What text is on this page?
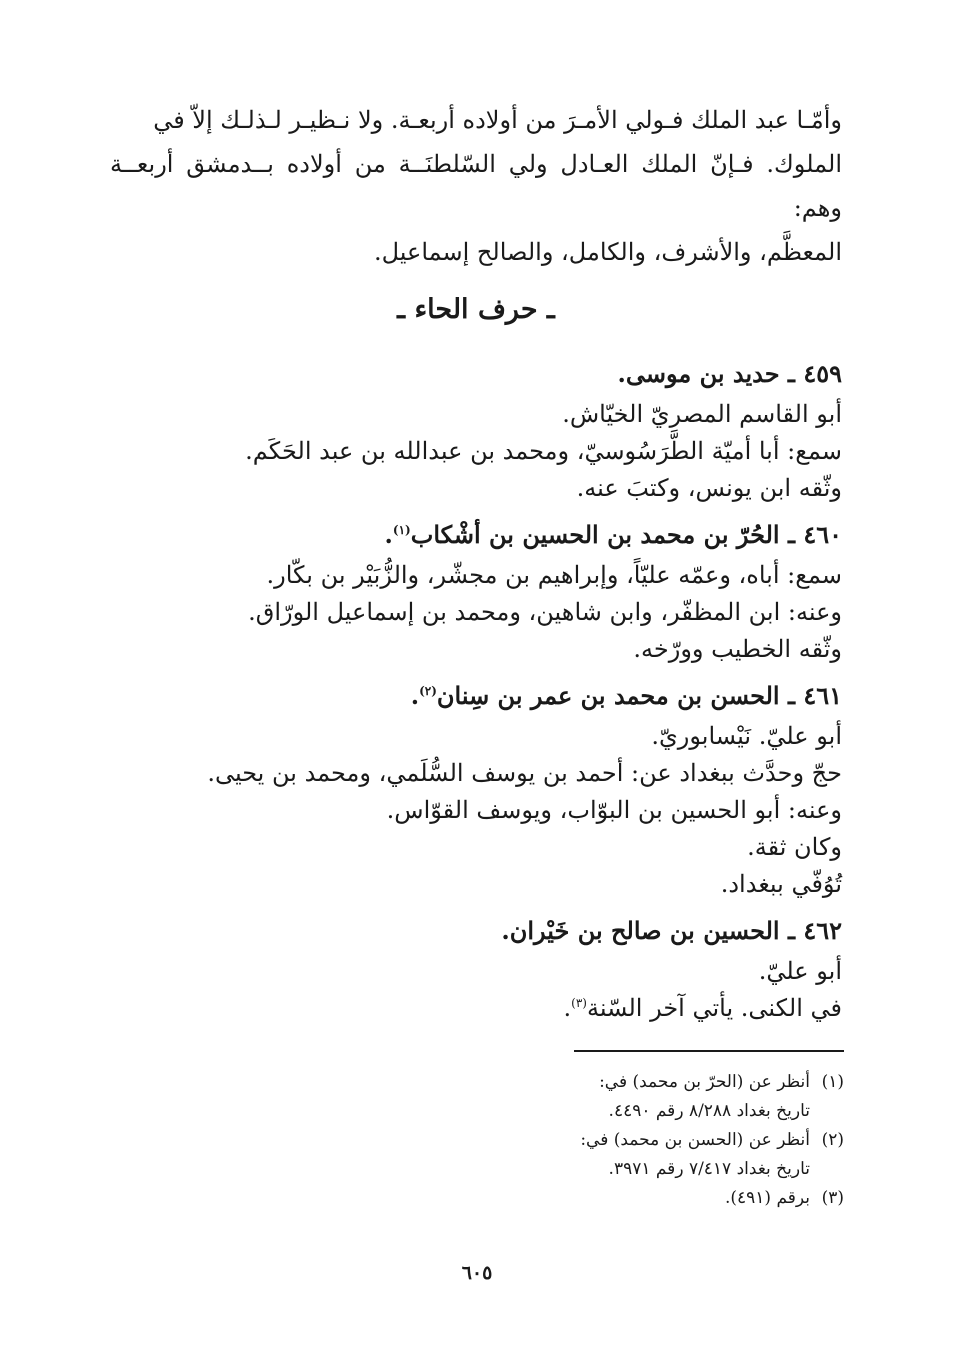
وأمّـا عبد الملك فـولي الأمـرَ من أولاده أربعـة. ولا نـظيـر لـذلـك إلاّ في

الملوك. فـإنّ الملك العـادل ولي السّلطنَــة من أولاده بــدمشق أربعــة وهم:

المعظَّم، والأشرف، والكامل، والصالح إسماعيل.

ـ حرف الحاء ـ

٤٥٩ ـ حديد بن موسى.

أبو القاسم المصريّ الخيّاش.

سمع: أبا أميّة الطَّرَسُوسيّ، ومحمد بن عبدالله بن عبد الحَكَم.

وثّقه ابن يونس، وكتبَ عنه.

٤٦٠ ـ الحُرّ بن محمد بن الحسين بن أشْكاب$^{(١)}$.

سمع: أباه، وعمّه عليّاً، وإبراهيم بن مجشّر، والزُّبَيْر بن بكّار.

وعنه: ابن المظفّر، وابن شاهين، ومحمد بن إسماعيل الورّاق.

وثّقه الخطيب وورّخه.

٤٦١ ـ الحسن بن محمد بن عمر بن سِنان$^{(٢)}$.

أبو عليّ. نَيْسابوريّ.

حجّ وحدَّث ببغداد عن: أحمد بن يوسف السُّلَمي، ومحمد بن يحيى.

وعنه: أبو الحسين بن البوّاب، ويوسف القوّاس.

وكان ثقة.

تُوُفّي ببغداد.

٤٦٢ ـ الحسين بن صالح بن خَيْران.

أبو عليّ.

في الكنى. يأتي آخر السّنة$^{(٣)}$.

(١)
أنظر عن (الحرّ بن محمد) في:
تاريخ بغداد ٨/٢٨٨ رقم ٤٤٩٠.
(٢)
أنظر عن (الحسن بن محمد) في:
تاريخ بغداد ٧/٤١٧ رقم ٣٩٧١.
(٣)
برقم (٤٩١).
٦٠٥
